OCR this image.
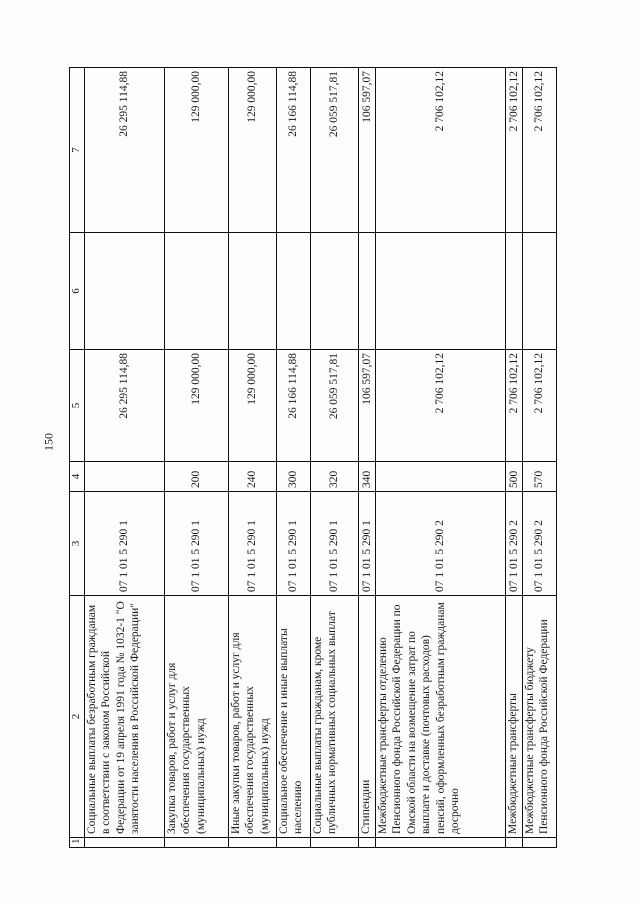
150
1	2	3	4	5	6	7
	Социальные выплаты безработным гражданам в соответствии с законом Российской Федерации от 19 апреля 1991 года № 1032-1 "О занятости населения в Российской Федерации"	07 1 01 5 290 1		26 295 114,88		26 295 114,88
	Закупка товаров, работ и услуг для обеспечения государственных (муниципальных) нужд	07 1 01 5 290 1	200	129 000,00		129 000,00
	Иные закупки товаров, работ и услуг для обеспечения государственных (муниципальных) нужд	07 1 01 5 290 1	240	129 000,00		129 000,00
	Социальное обеспечение и иные выплаты населению	07 1 01 5 290 1	300	26 166 114,88		26 166 114,88
	Социальные выплаты гражданам, кроме публичных нормативных социальных выплат	07 1 01 5 290 1	320	26 059 517,81		26 059 517,81
	Стипендии	07 1 01 5 290 1	340	106 597,07		106 597,07
	Межбюджетные трансферты отделению Пенсионного фонда Российской Федерации по Омской области на возмещение затрат по выплате и доставке (почтовых расходов) пенсий, оформленных безработным гражданам досрочно	07 1 01 5 290 2		2 706 102,12		2 706 102,12
	Межбюджетные трансферты	07 1 01 5 290 2	500	2 706 102,12		2 706 102,12
	Межбюджетные трансферты бюджету Пенсионного фонда Российской Федерации	07 1 01 5 290 2	570	2 706 102,12		2 706 102,12
